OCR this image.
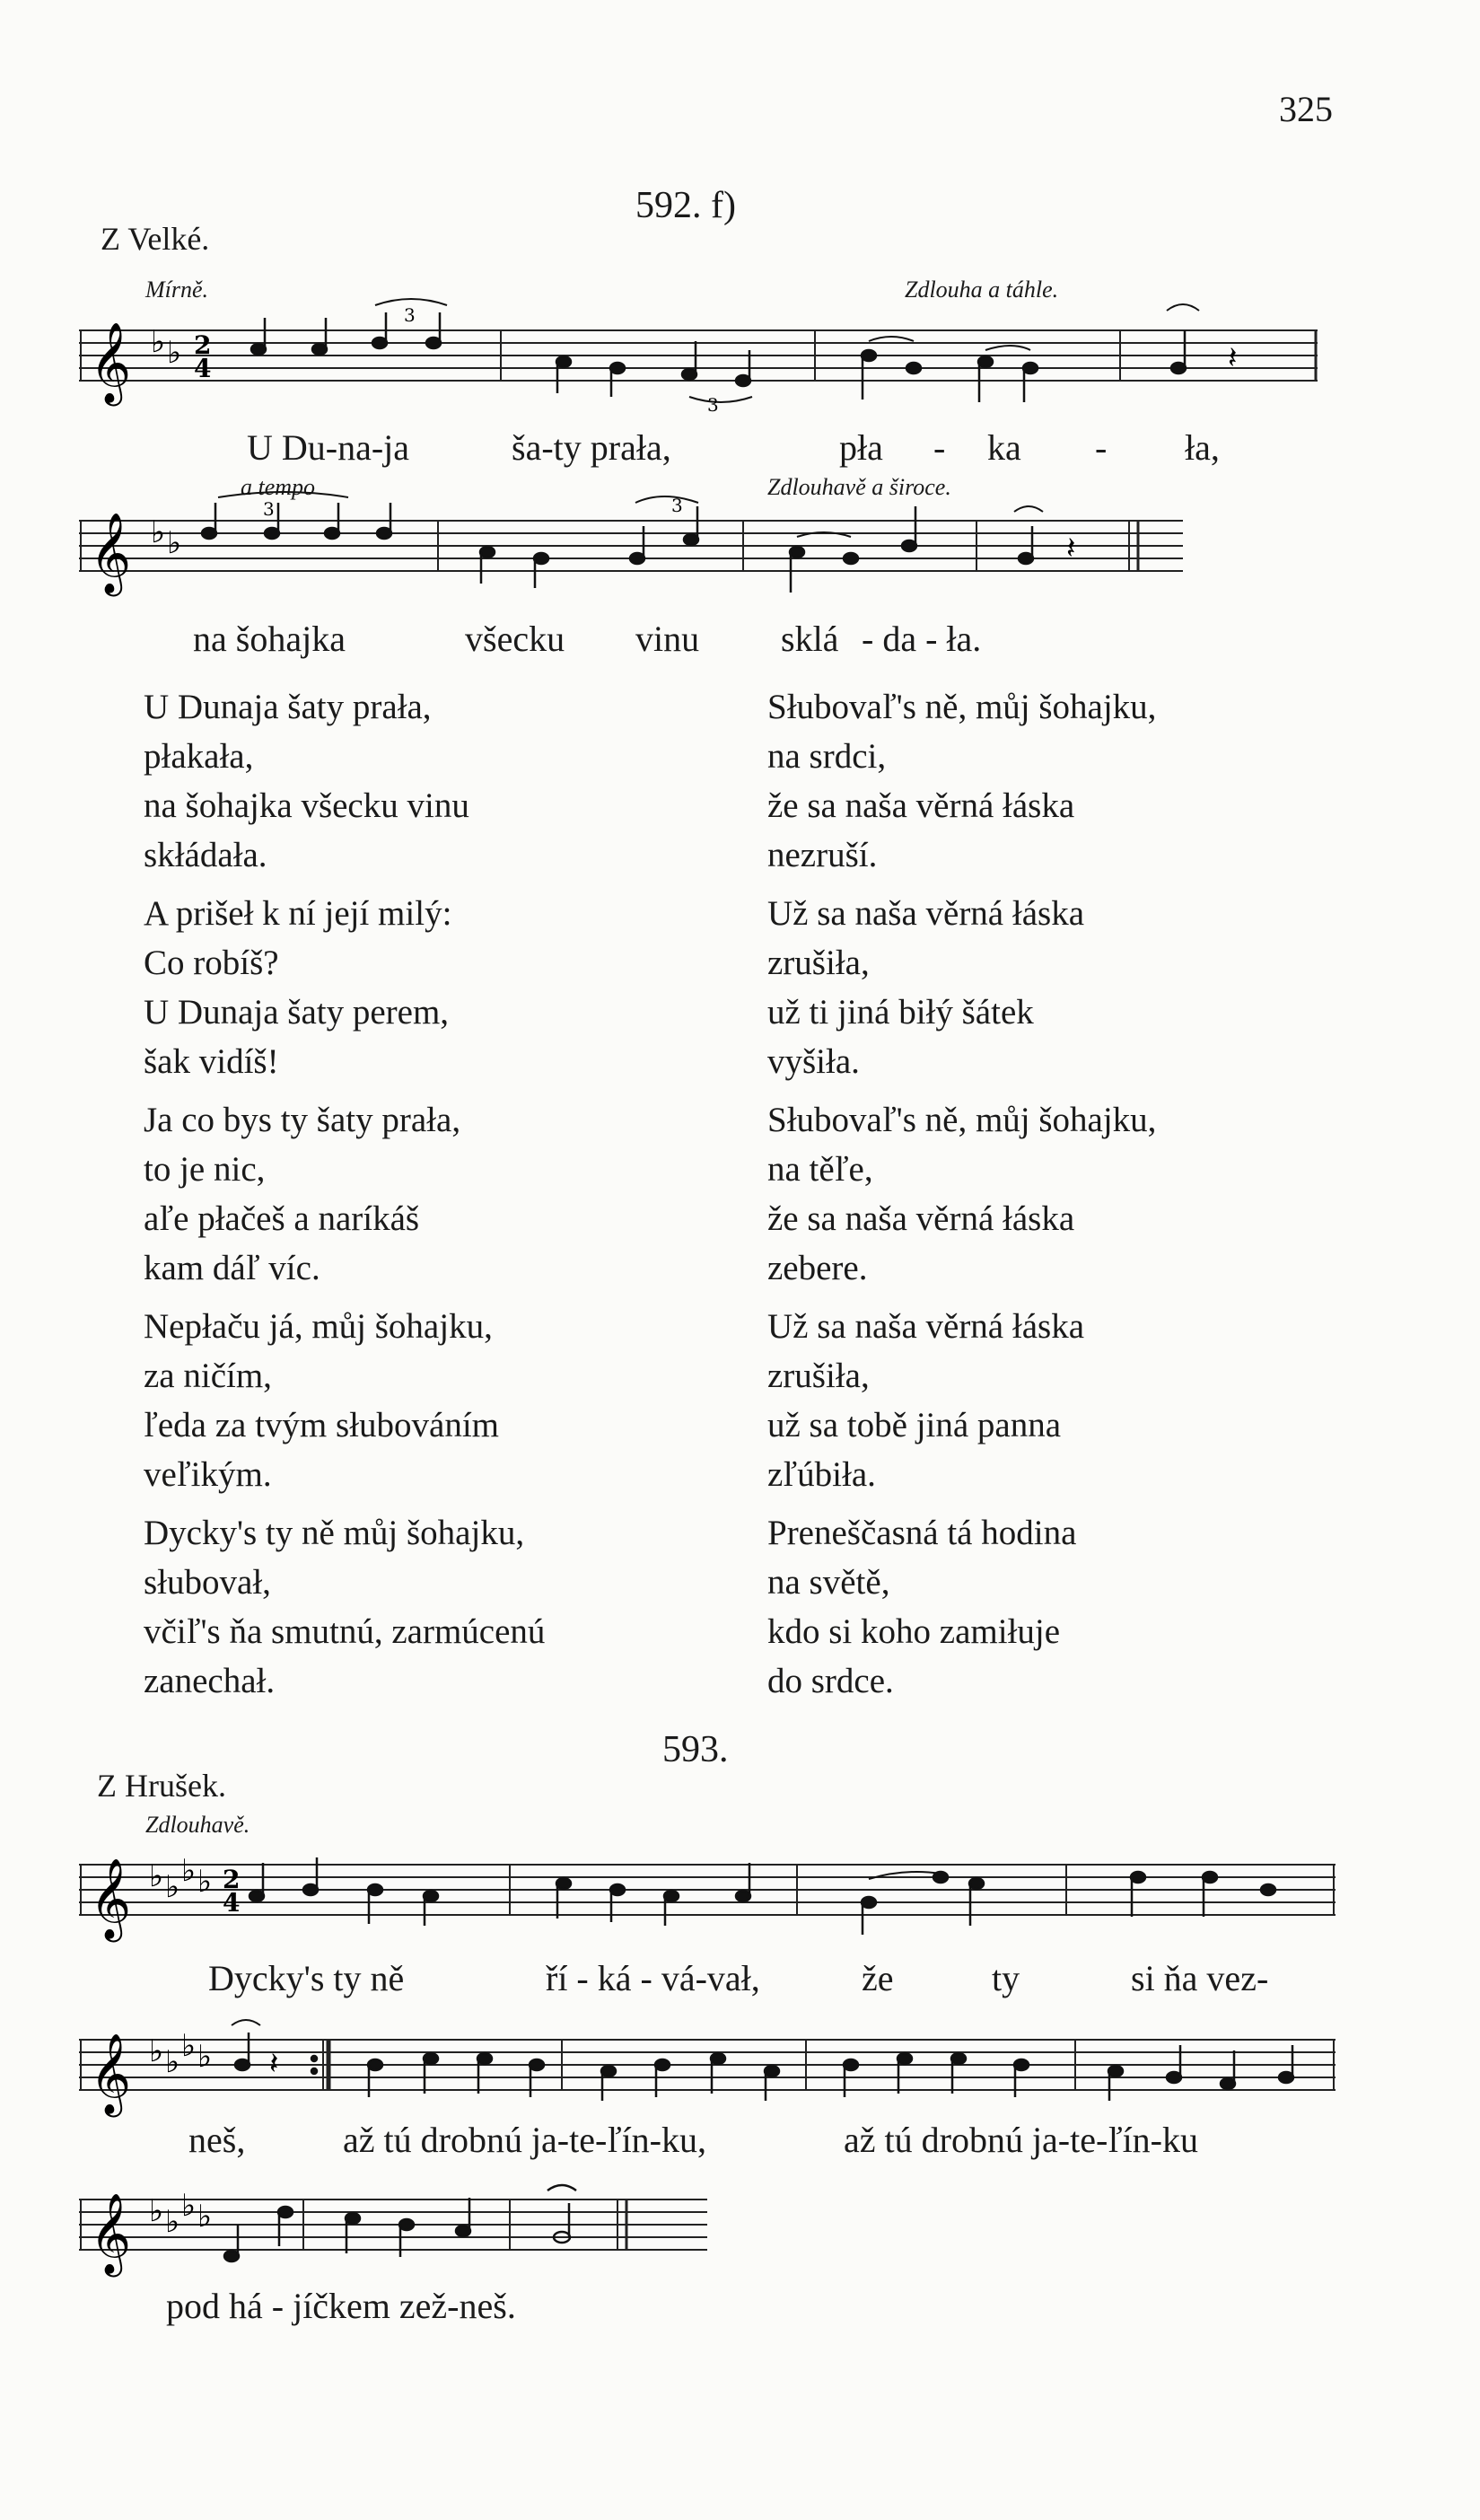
325
592. f)
Z Velké.
Mírně.	Zdlouha a táhle.
𝄞 ♭ ♭ 2
4
3
3
𝄽
U Du-na-ja	ša-ty prała,	pła - ka - ła,
a tempo	Zdlouhavě a široce.
𝄞 ♭ ♭
3	3
𝄽
na šohajka	všecku vinu sklá - da - ła.

U Dunaja šaty prała,

płakała,

na šohajka všecku vinu

skłádała.

A prišeł k ní její milý:

Co robíš?

U Dunaja šaty perem,

šak vidíš!

Ja co bys ty šaty prała,

to je nic,

aľe płačeš a naríkáš

kam dáľ víc.

Nepłaču já, můj šohajku,

za ničím,

ľeda za tvým słubováním

veľikým.

Dycky's ty ně můj šohajku,

słubovał,

včiľ's ňa smutnú, zarmúcenú

zanechał.

Słubovaľ's ně, můj šohajku,

na srdci,

že sa naša věrná łáska

nezruší.

Už sa naša věrná łáska

zrušiła,

už ti jiná biłý šátek

vyšiła.

Słubovaľ's ně, můj šohajku,

na těľe,

že sa naša věrná łáska

zebere.

Už sa naša věrná łáska

zrušiła,

už sa tobě jiná panna

zľúbiła.

Preneščasná tá hodina

na světě,

kdo si koho zamiłuje

do srdce.

593.
Z Hrušek.
Zdlouhavě.
𝄞 ♭ ♭ ♭ ♭ 2
4
Dycky's ty ně	ří - ká - vá-vał,	že	ty	si ňa vez-
𝄞 ♭ ♭ ♭ ♭ 𝄽
neš,	až tú drobnú ja-te-ľín-ku,	až tú drobnú ja-te-ľín-ku
𝄞 ♭ ♭ ♭ ♭
pod há - jíčkem zež-neš.
